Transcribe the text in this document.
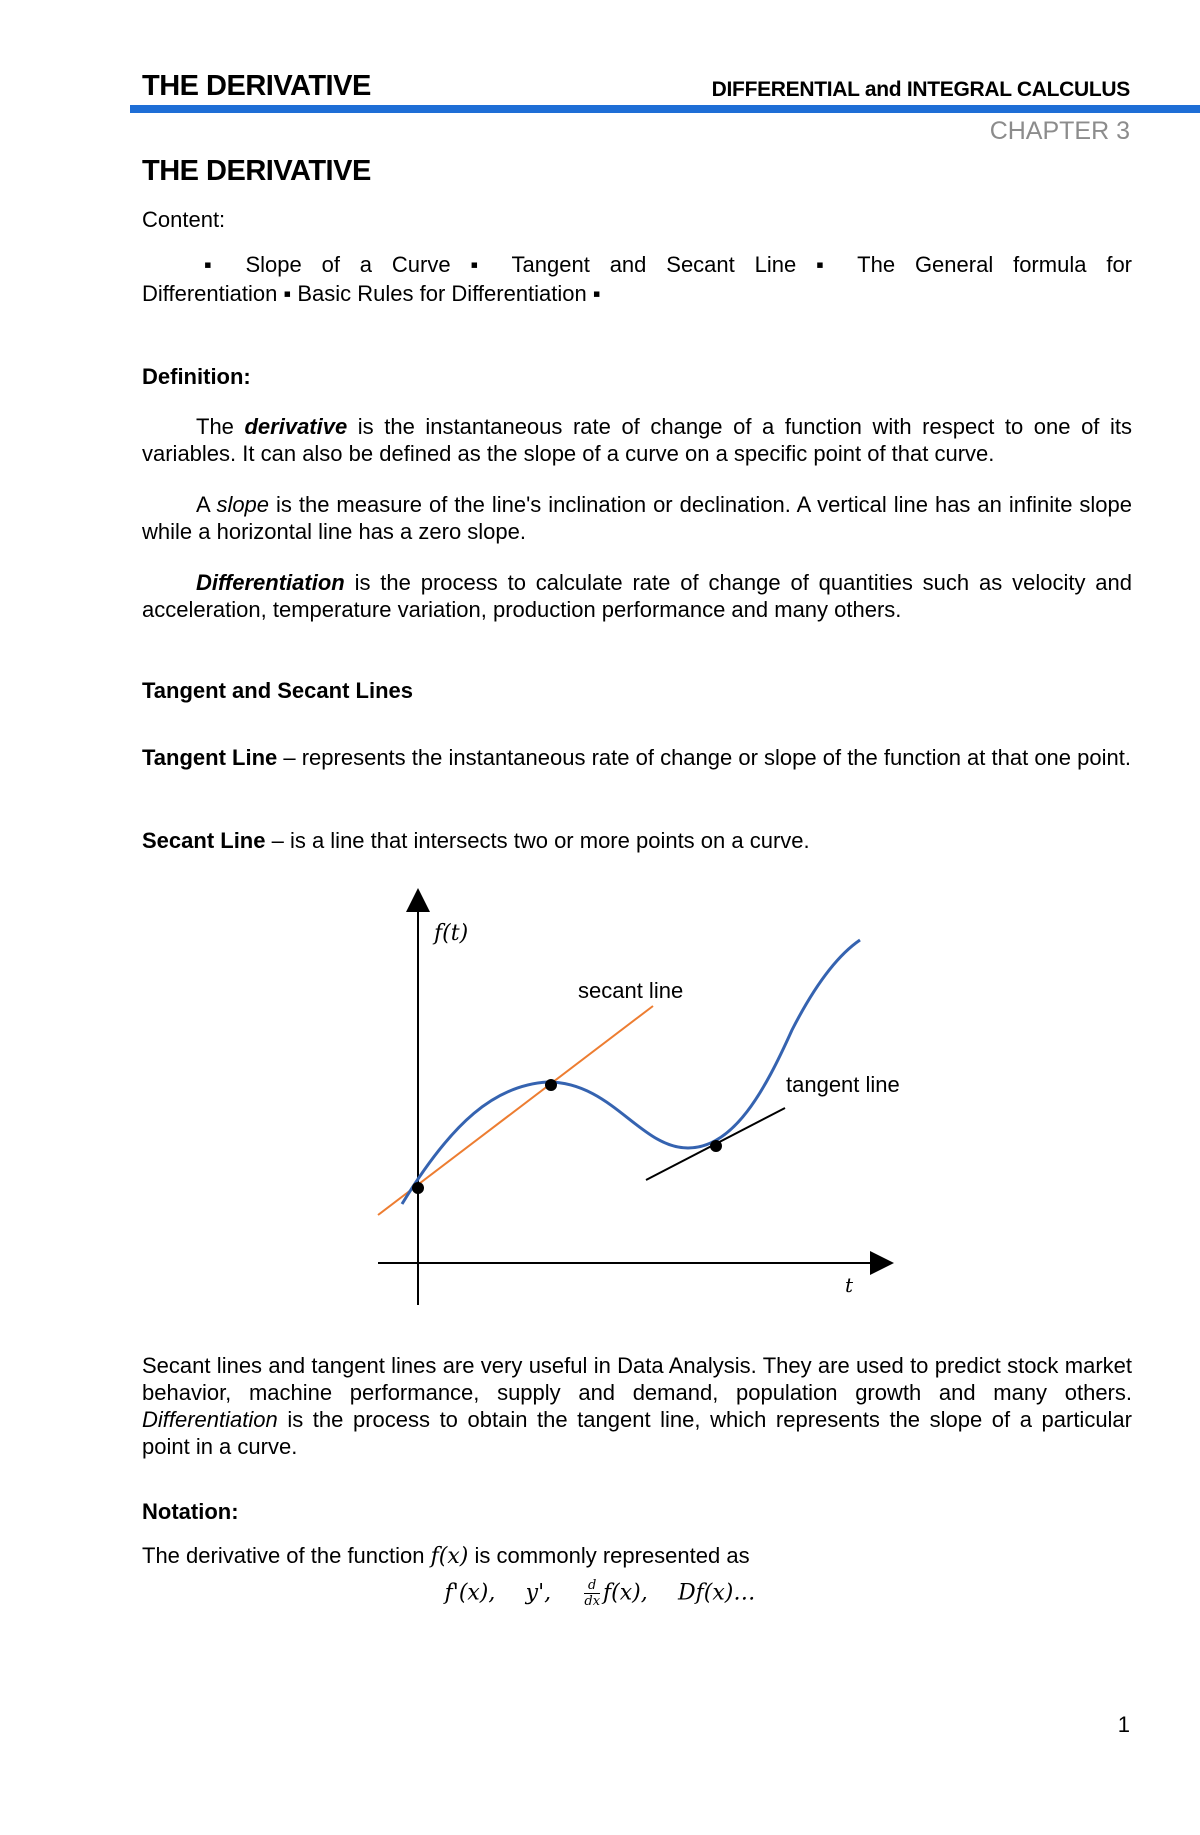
THE DERIVATIVE	DIFFERENTIAL and INTEGRAL CALCULUS
CHAPTER 3
THE DERIVATIVE
Content:
▪ Slope of a Curve ▪ Tangent and Secant Line ▪ The General formula for
Differentiation ▪ Basic Rules for Differentiation ▪
Definition:
The derivative is the instantaneous rate of change of a function with respect to one of its variables. It can also be defined as the slope of a curve on a specific point of that curve.
A slope is the measure of the line's inclination or declination. A vertical line has an infinite slope while a horizontal line has a zero slope.
Differentiation is the process to calculate rate of change of quantities such as velocity and acceleration, temperature variation, production performance and many others.
Tangent and Secant Lines
Tangent Line – represents the instantaneous rate of change or slope of the function at that one point.
Secant Line – is a line that intersects two or more points on a curve.
f(t)
t
secant line
tangent line
Secant lines and tangent lines are very useful in Data Analysis. They are used to predict stock market behavior, machine performance, supply and demand, population growth and many others. Differentiation is the process to obtain the tangent line, which represents the slope of a particular point in a curve.
Notation:
The derivative of the function f(x) is commonly represented as
f'(x), y',	$\frac{d}{dx} f(x)$, Df(x)…
1
